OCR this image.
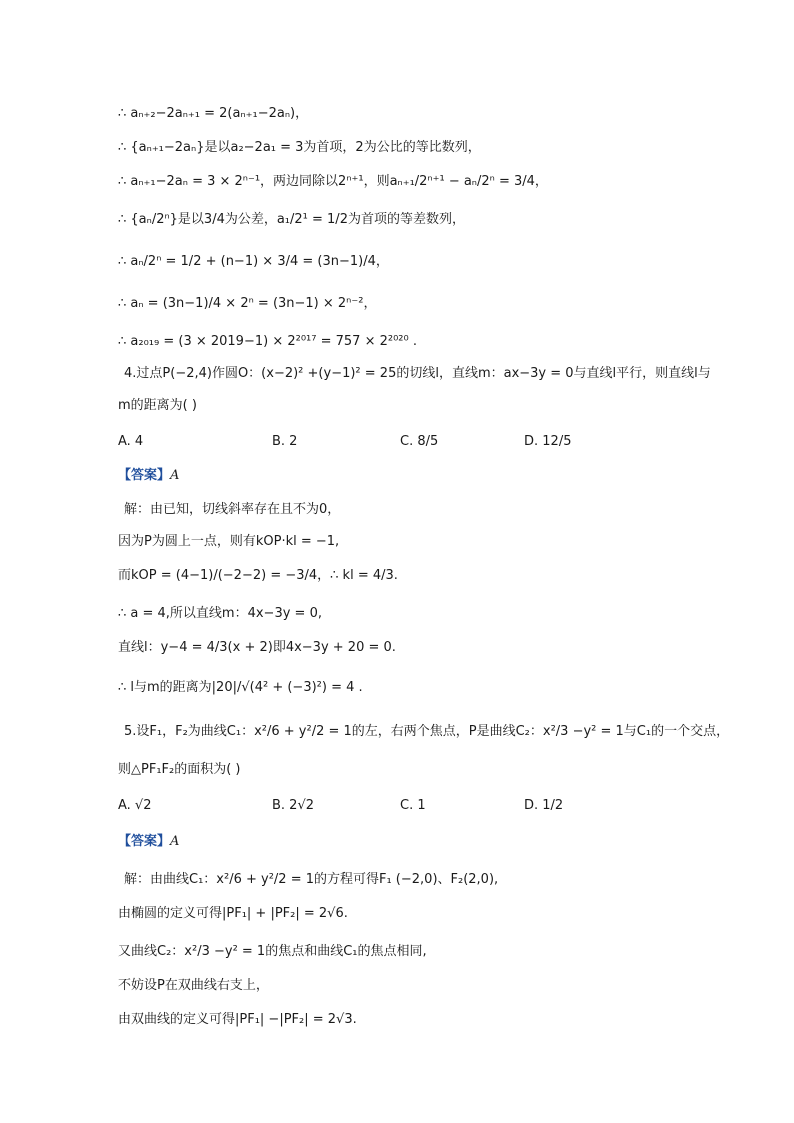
∴ aₙ₊₂−2aₙ₊₁ = 2(aₙ₊₁−2aₙ)，
∴ {aₙ₊₁−2aₙ}是以a₂−2a₁ = 3为首项，2为公比的等比数列，
∴ aₙ₊₁−2aₙ = 3 × 2ⁿ⁻¹，两边同除以2ⁿ⁺¹，则aₙ₊₁/2ⁿ⁺¹ − aₙ/2ⁿ = 3/4，
∴ {aₙ/2ⁿ}是以3/4为公差，a₁/2¹ = 1/2为首项的等差数列，
∴ aₙ/2ⁿ = 1/2 + (n−1) × 3/4 = (3n−1)/4，
∴ aₙ = (3n−1)/4 × 2ⁿ = (3n−1) × 2ⁿ⁻²，
∴ a₂₀₁₉ = (3 × 2019−1) × 2²⁰¹⁷ = 757 × 2²⁰²⁰ .
4.过点P(−2,4)作圆O：(x−2)² +(y−1)² = 25的切线l，直线m：ax−3y = 0与直线l平行，则直线l与
m的距离为( )
A. 4	B. 2	C. 8/5	D. 12/5
【答案】A
解：由已知，切线斜率存在且不为0，
因为P为圆上一点，则有kOP·kl = −1,
而kOP = (4−1)/(−2−2) = −3/4，∴ kl = 4/3.
∴ a = 4,所以直线m：4x−3y = 0,
直线l：y−4 = 4/3(x + 2)即4x−3y + 20 = 0.
∴ l与m的距离为|20|/√(4² + (−3)²) = 4 .
5.设F₁，F₂为曲线C₁：x²/6 + y²/2 = 1的左，右两个焦点，P是曲线C₂：x²/3 −y² = 1与C₁的一个交点，
则△PF₁F₂的面积为( )
A. √2	B. 2√2	C. 1	D. 1/2
【答案】A
解：由曲线C₁：x²/6 + y²/2 = 1的方程可得F₁ (−2,0)、F₂(2,0),
由椭圆的定义可得|PF₁| + |PF₂| = 2√6.
又曲线C₂：x²/3 −y² = 1的焦点和曲线C₁的焦点相同,
不妨设P在双曲线右支上，
由双曲线的定义可得|PF₁| −|PF₂| = 2√3.
